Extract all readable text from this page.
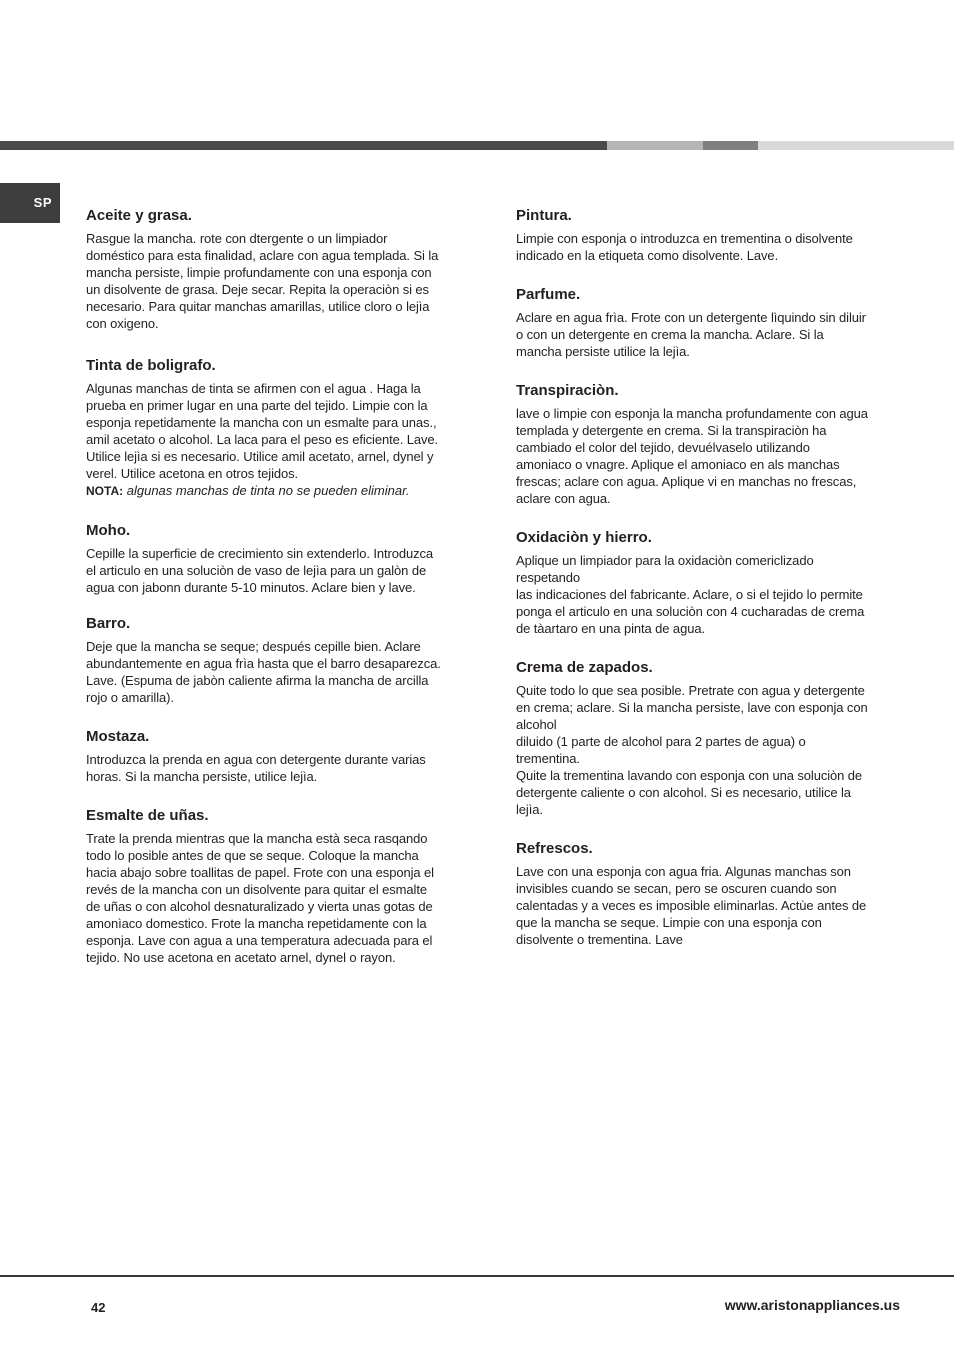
SP
Aceite y grasa.

Rasgue la mancha. rote con dtergente o un limpiador
doméstico para esta finalidad, aclare con agua templada. Si la
mancha persiste, limpie profundamente con una esponja con
un disolvente de grasa. Deje secar. Repita la operaciòn si es
necesario. Para quitar manchas amarillas, utilice cloro o lejìa
con oxigeno.

Tinta de boligrafo.

Algunas manchas de tinta se afirmen con el agua . Haga la
prueba en primer lugar en una parte del tejido. Limpie con la
esponja repetidamente la mancha con un esmalte para unas.,
amil acetato o alcohol. La laca para el peso es eficiente. Lave.
Utilice lejìa si es necesario. Utilice amil acetato, arnel, dynel y
verel. Utilice acetona en otros tejidos.

NOTA: algunas manchas de tinta no se pueden eliminar.
Moho.

Cepille la superficie de crecimiento sin extenderlo. Introduzca
el articulo en una soluciòn de vaso de lejìa para un galòn de
agua con jabonn durante 5-10 minutos. Aclare bien y lave.

Barro.

Deje que la mancha se seque; después cepille bien. Aclare
abundantemente en agua frìa hasta que el barro desaparezca.
Lave. (Espuma de jabòn caliente afirma la mancha de arcilla
rojo o amarilla).

Mostaza.

Introduzca la prenda en agua con detergente durante varias
horas. Si la mancha persiste, utilice lejìa.

Esmalte de uñas.

Trate la prenda mientras que la mancha està seca rasqando
todo lo posible antes de que se seque. Coloque la mancha
hacia abajo sobre toallitas de papel. Frote con una esponja el
revés de la mancha con un disolvente para quitar el esmalte
de uñas o con alcohol desnaturalizado y vierta unas gotas de
amonìaco domestico. Frote la mancha repetidamente con la
esponja. Lave con agua a una temperatura adecuada para el
tejido. No use acetona en acetato arnel, dynel o rayon.

Pintura.

Limpie con esponja o introduzca en trementina o disolvente
indicado en la etiqueta como disolvente. Lave.

Parfume.

Aclare en agua frìa. Frote con un detergente lìquindo sin diluir
o con un detergente en crema la mancha. Aclare. Si la
mancha persiste utilice la lejìa.

Transpiraciòn.

lave o limpie con esponja la mancha profundamente con agua
templada y detergente en crema. Si la transpiraciòn ha
cambiado el color del tejido, devuélvaselo utilizando
amoniaco o vnagre. Aplique el amoniaco en als manchas
frescas; aclare con agua. Aplique vi en manchas no frescas,
aclare con agua.

Oxidaciòn y hierro.

Aplique un limpiador para la oxidaciòn comericlizado
respetando
las indicaciones del fabricante. Aclare, o si el tejido lo permite
ponga el articulo en una soluciòn con 4 cucharadas de crema
de tàartaro en una pinta de agua.

Crema de zapados.

Quite todo lo que sea posible. Pretrate con agua y detergente
en crema; aclare. Si la mancha persiste, lave con esponja con
alcohol
diluido (1 parte de alcohol para 2 partes de agua) o
trementina.
Quite la trementina lavando con esponja con una soluciòn de
detergente caliente o con alcohol. Si es necesario, utilice la
lejìa.

Refrescos.

Lave con una esponja con agua fria. Algunas manchas son
invisibles cuando se secan, pero se oscuren cuando son
calentadas y a veces es imposible eliminarlas. Actùe antes de
que la mancha se seque. Limpie con una esponja con
disolvente o trementina. Lave

42	www.aristonappliances.us
